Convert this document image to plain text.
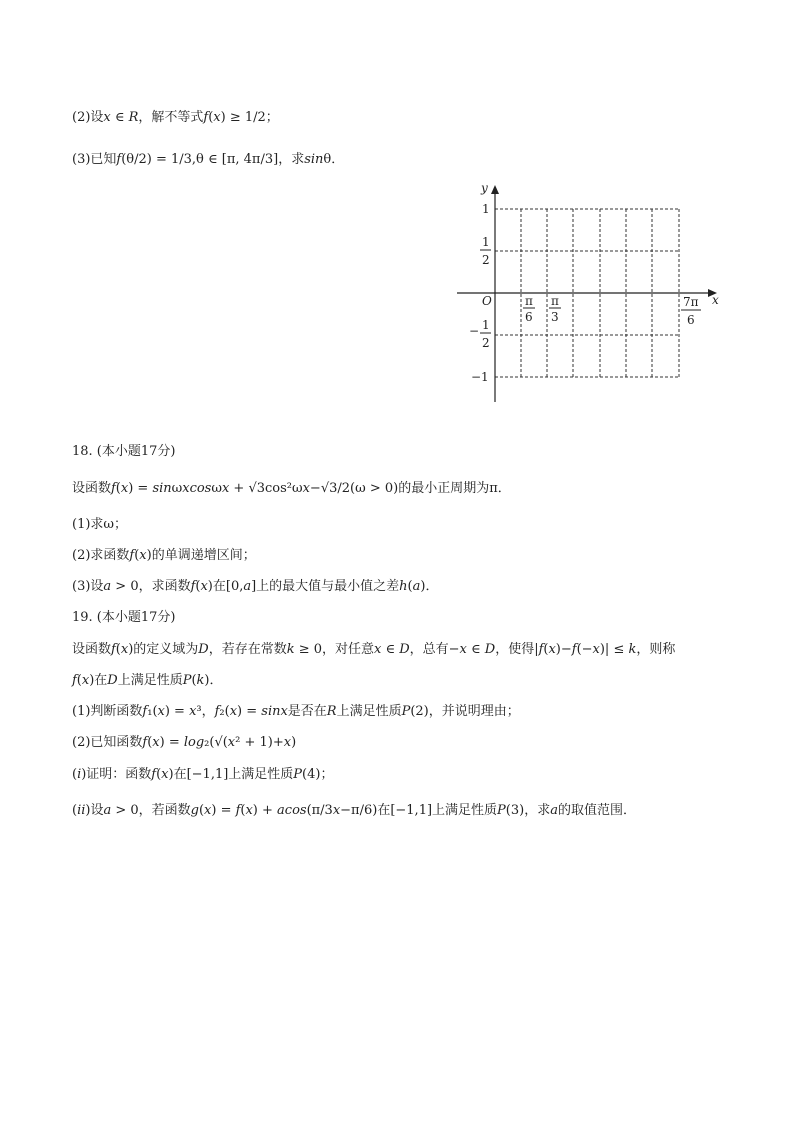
(2)设𝑥 ∈ 𝑅，解不等式𝑓(𝑥) ≥ 1/2；
(3)已知𝑓(θ/2) = 1/3,θ ∈ [π, 4π/3]，求𝑠𝑖𝑛θ．
y
x
O
1
1
2
− 1
2
−1
π
6
π
3
7π
6
18. (本小题17分)
设函数𝑓(𝑥) = 𝑠𝑖𝑛ω𝑥𝑐𝑜𝑠ω𝑥 + √3cos²ω𝑥−√3/2(ω > 0)的最小正周期为π．
(1)求ω；
(2)求函数𝑓(𝑥)的单调递增区间；
(3)设𝑎 > 0，求函数𝑓(𝑥)在[0,𝑎]上的最大值与最小值之差ℎ(𝑎)．
19. (本小题17分)
设函数𝑓(𝑥)的定义域为𝐷，若存在常数𝑘 ≥ 0，对任意𝑥 ∈ 𝐷，总有−𝑥 ∈ 𝐷，使得|𝑓(𝑥)−𝑓(−𝑥)| ≤ 𝑘，则称
𝑓(𝑥)在𝐷上满足性质𝑃(𝑘)．
(1)判断函数𝑓₁(𝑥) = 𝑥³，𝑓₂(𝑥) = 𝑠𝑖𝑛𝑥是否在𝑅上满足性质𝑃(2)，并说明理由；
(2)已知函数𝑓(𝑥) = 𝑙𝑜𝑔₂(√(𝑥² + 1)+𝑥)
(𝑖)证明：函数𝑓(𝑥)在[−1,1]上满足性质𝑃(4)；
(𝑖𝑖)设𝑎 > 0，若函数𝑔(𝑥) = 𝑓(𝑥) + 𝑎𝑐𝑜𝑠(π/3𝑥−π/6)在[−1,1]上满足性质𝑃(3)，求𝑎的取值范围．
